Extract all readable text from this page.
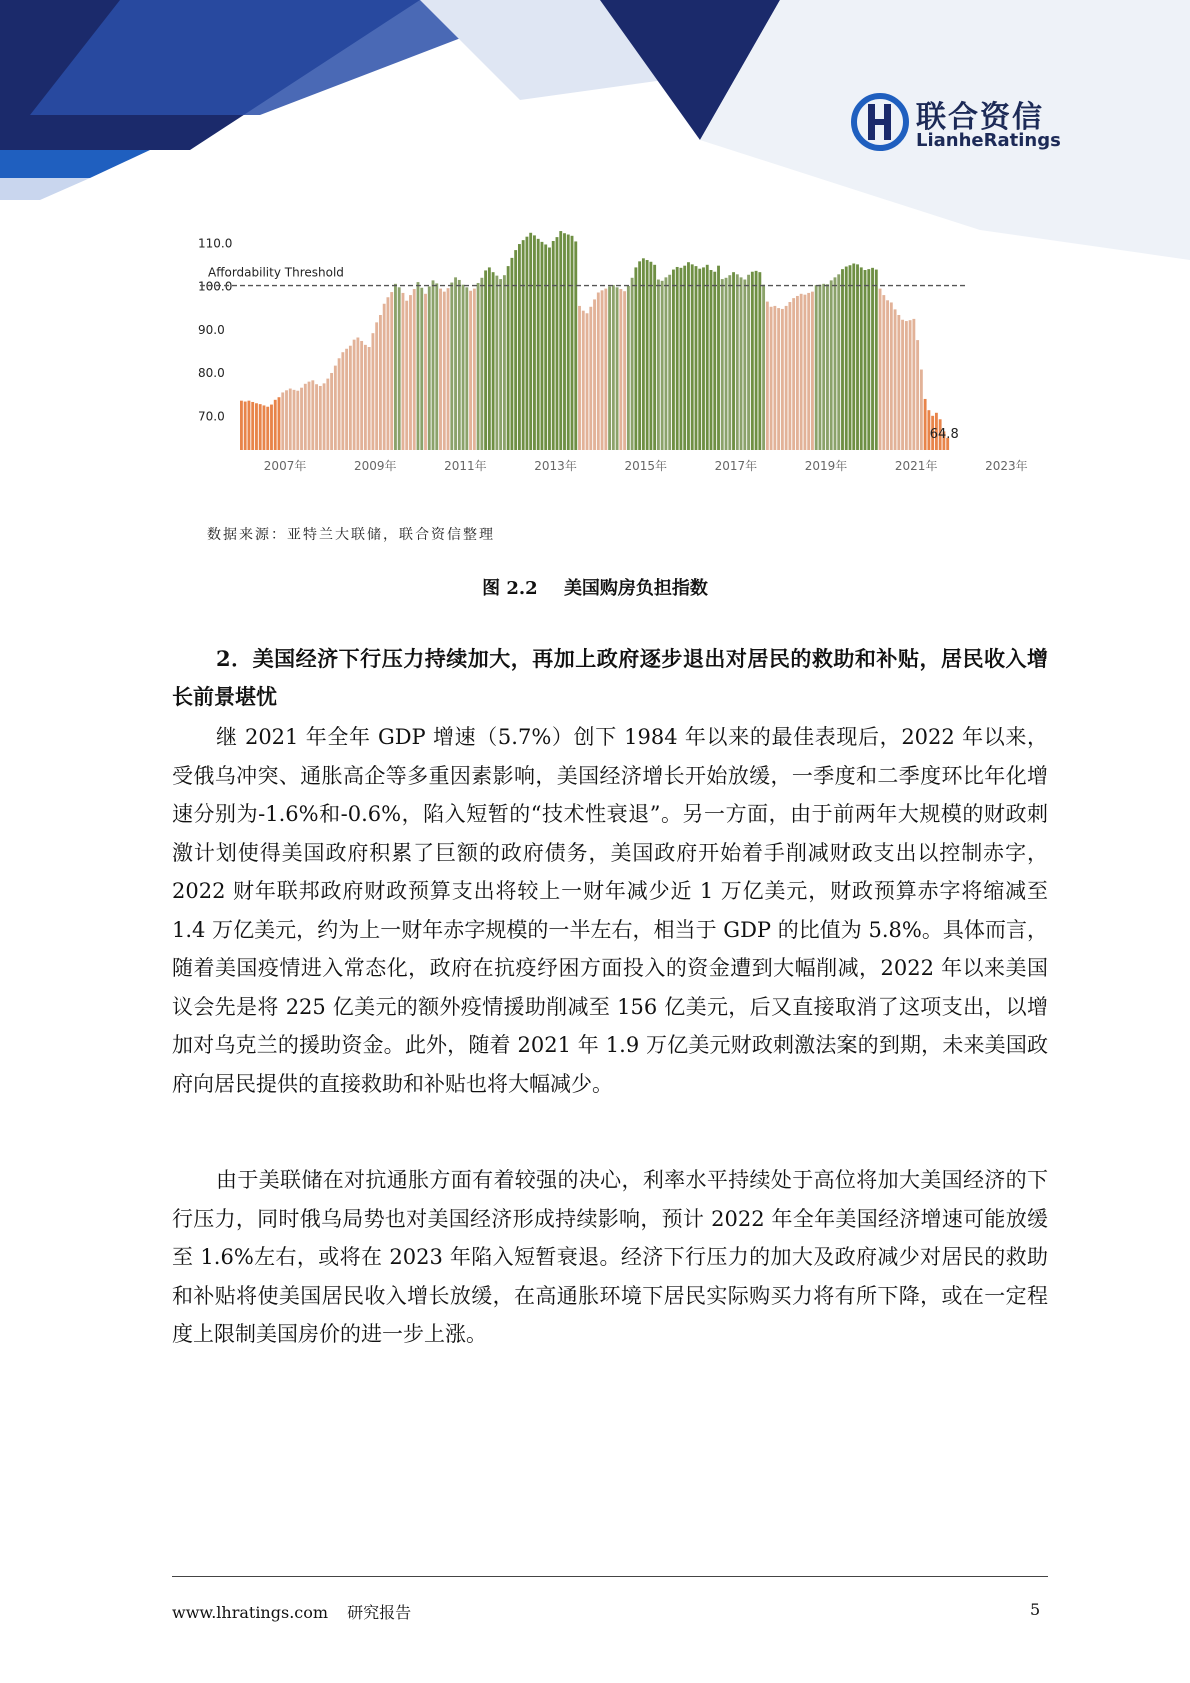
联合资信
LianheRatings
110.0
100.0
90.0
80.0
70.0
Affordability Threshold
2007年	2009年	2011年	2013年	2015年	2017年	2019年	2021年	2023年
64.8
数据来源：亚特兰大联储，联合资信整理
图 2.2 美国购房负担指数
2．美国经济下行压力持续加大，再加上政府逐步退出对居民的救助和补贴，居民收入增长前景堪忧
继 2021 年全年 GDP 增速（5.7%）创下 1984 年以来的最佳表现后，2022 年以来，受俄乌冲突、通胀高企等多重因素影响，美国经济增长开始放缓，一季度和二季度环比年化增速分别为-1.6%和-0.6%，陷入短暂的“技术性衰退”。另一方面，由于前两年大规模的财政刺激计划使得美国政府积累了巨额的政府债务，美国政府开始着手削减财政支出以控制赤字，2022 财年联邦政府财政预算支出将较上一财年减少近 1 万亿美元，财政预算赤字将缩减至 1.4 万亿美元，约为上一财年赤字规模的一半左右，相当于 GDP 的比值为 5.8%。具体而言，随着美国疫情进入常态化，政府在抗疫纾困方面投入的资金遭到大幅削减，2022 年以来美国议会先是将 225 亿美元的额外疫情援助削减至 156 亿美元，后又直接取消了这项支出，以增加对乌克兰的援助资金。此外，随着 2021 年 1.9 万亿美元财政刺激法案的到期，未来美国政府向居民提供的直接救助和补贴也将大幅减少。
由于美联储在对抗通胀方面有着较强的决心，利率水平持续处于高位将加大美国经济的下行压力，同时俄乌局势也对美国经济形成持续影响，预计 2022 年全年美国经济增速可能放缓至 1.6%左右，或将在 2023 年陷入短暂衰退。经济下行压力的加大及政府减少对居民的救助和补贴将使美国居民收入增长放缓，在高通胀环境下居民实际购买力将有所下降，或在一定程度上限制美国房价的进一步上涨。
www.lhratings.com 研究报告	5
